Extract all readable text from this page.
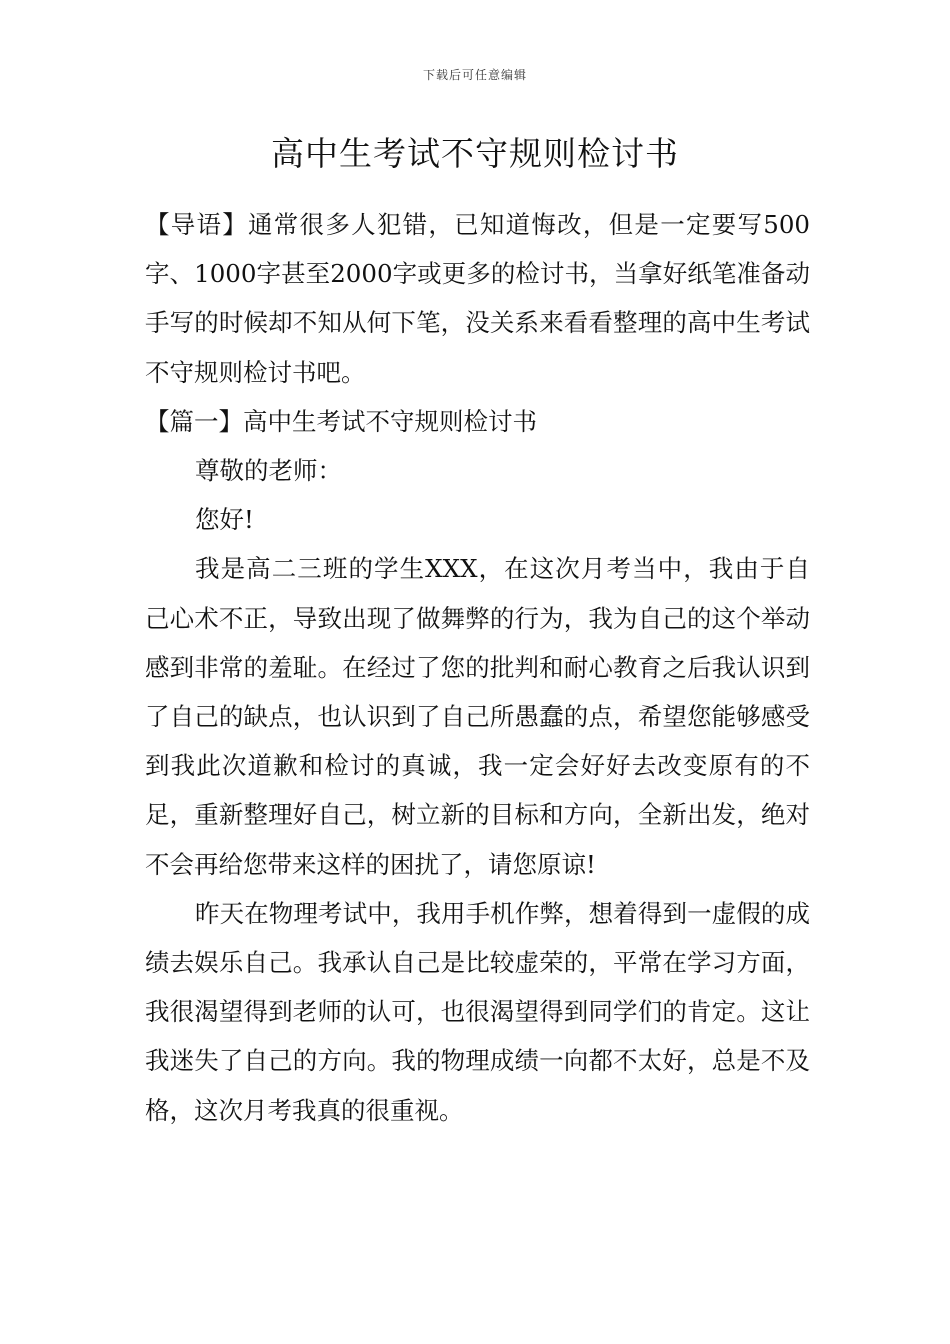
下载后可任意编辑
高中生考试不守规则检讨书

【导语】通常很多人犯错，已知道悔改，但是一定要写500字、1000字甚至2000字或更多的检讨书，当拿好纸笔准备动手写的时候却不知从何下笔，没关系来看看整理的高中生考试不守规则检讨书吧。

【篇一】高中生考试不守规则检讨书

尊敬的老师：

您好!

我是高二三班的学生XXX，在这次月考当中，我由于自己心术不正，导致出现了做舞弊的行为，我为自己的这个举动感到非常的羞耻。在经过了您的批判和耐心教育之后我认识到了自己的缺点，也认识到了自己所愚蠢的点，希望您能够感受到我此次道歉和检讨的真诚，我一定会好好去改变原有的不足，重新整理好自己，树立新的目标和方向，全新出发，绝对不会再给您带来这样的困扰了，请您原谅!

昨天在物理考试中，我用手机作弊，想着得到一虚假的成绩去娱乐自己。我承认自己是比较虚荣的，平常在学习方面，我很渴望得到老师的认可，也很渴望得到同学们的肯定。这让我迷失了自己的方向。我的物理成绩一向都不太好，总是不及格，这次月考我真的很重视。
